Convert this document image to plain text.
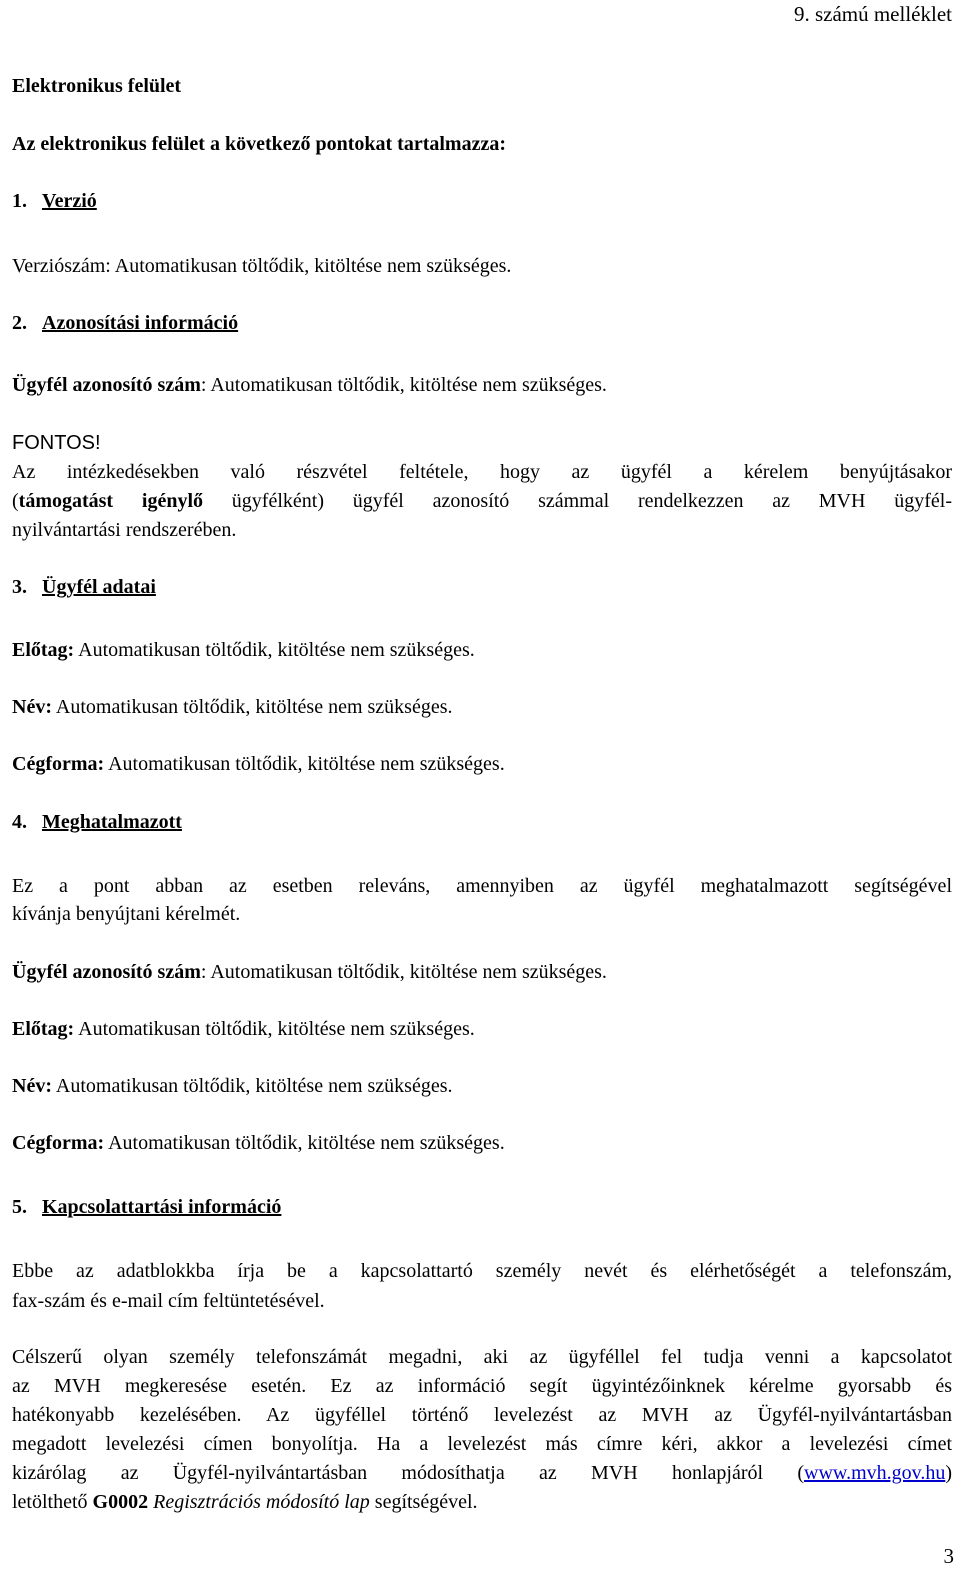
9. számú melléklet
Elektronikus felület
Az elektronikus felület a következő pontokat tartalmazza:
1. Verzió
Verziószám: Automatikusan töltődik, kitöltése nem szükséges.
2. Azonosítási információ
Ügyfél azonosító szám: Automatikusan töltődik, kitöltése nem szükséges.
FONTOS!
Az intézkedésekben való részvétel feltétele, hogy az ügyfél a kérelem benyújtásakor
(támogatást igénylő ügyfélként) ügyfél azonosító számmal rendelkezzen az MVH ügyfél-
nyilvántartási rendszerében.
3. Ügyfél adatai
Előtag: Automatikusan töltődik, kitöltése nem szükséges.
Név: Automatikusan töltődik, kitöltése nem szükséges.
Cégforma: Automatikusan töltődik, kitöltése nem szükséges.
4. Meghatalmazott
Ez a pont abban az esetben releváns, amennyiben az ügyfél meghatalmazott segítségével
kívánja benyújtani kérelmét.
Ügyfél azonosító szám: Automatikusan töltődik, kitöltése nem szükséges.
Előtag: Automatikusan töltődik, kitöltése nem szükséges.
Név: Automatikusan töltődik, kitöltése nem szükséges.
Cégforma: Automatikusan töltődik, kitöltése nem szükséges.
5. Kapcsolattartási információ
Ebbe az adatblokkba írja be a kapcsolattartó személy nevét és elérhetőségét a telefonszám,
fax-szám és e-mail cím feltüntetésével.
Célszerű olyan személy telefonszámát megadni, aki az ügyféllel fel tudja venni a kapcsolatot
az MVH megkeresése esetén. Ez az információ segít ügyintézőinknek kérelme gyorsabb és
hatékonyabb kezelésében. Az ügyféllel történő levelezést az MVH az Ügyfél-nyilvántartásban
megadott levelezési címen bonyolítja. Ha a levelezést más címre kéri, akkor a levelezési címet
kizárólag az Ügyfél-nyilvántartásban módosíthatja az MVH honlapjáról (www.mvh.gov.hu)
letölthető G0002 Regisztrációs módosító lap segítségével.
3
